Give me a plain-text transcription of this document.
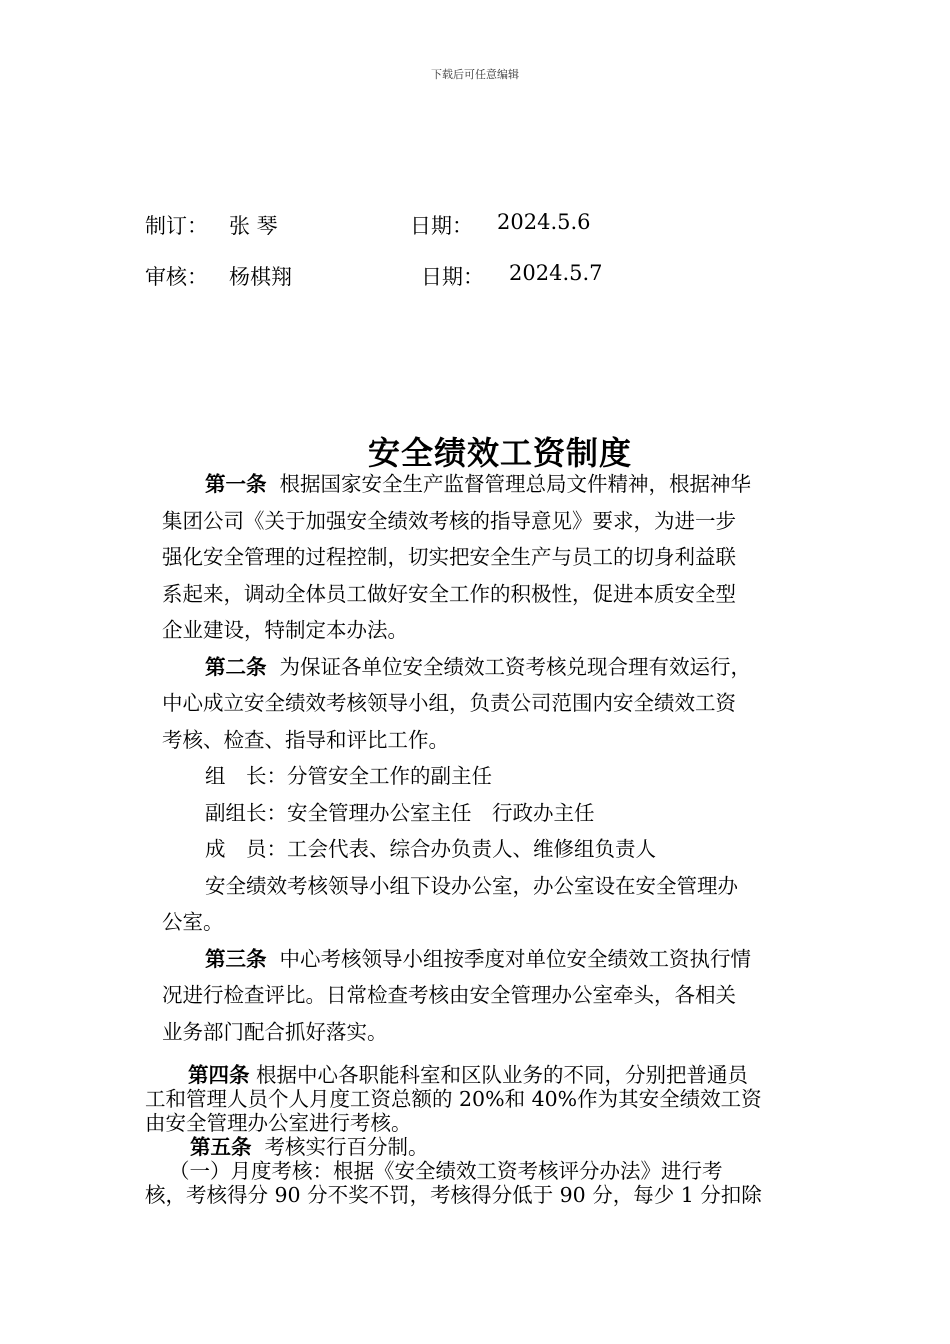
下载后可任意编辑
制订： 张 琴	日期： 2024.5.6
审核： 杨棋翔	日期： 2024.5.7
安全绩效工资制度
第一条 根据国家安全生产监督管理总局文件精神，根据神华
集团公司《关于加强安全绩效考核的指导意见》要求，为进一步
强化安全管理的过程控制，切实把安全生产与员工的切身利益联
系起来，调动全体员工做好安全工作的积极性，促进本质安全型
企业建设，特制定本办法。
第二条 为保证各单位安全绩效工资考核兑现合理有效运行，
中心成立安全绩效考核领导小组，负责公司范围内安全绩效工资
考核、检查、指导和评比工作。
组　长：分管安全工作的副主任
副组长：安全管理办公室主任　行政办主任
成　员：工会代表、综合办负责人、维修组负责人
安全绩效考核领导小组下设办公室，办公室设在安全管理办
公室。
第三条 中心考核领导小组按季度对单位安全绩效工资执行情
况进行检查评比。日常检查考核由安全管理办公室牵头，各相关
业务部门配合抓好落实。
第四条 根据中心各职能科室和区队业务的不同，分别把普通员
工和管理人员个人月度工资总额的 20%和 40%作为其安全绩效工资
由安全管理办公室进行考核。
第五条 考核实行百分制。
（一）月度考核：根据《安全绩效工资考核评分办法》进行考
核，考核得分 90 分不奖不罚，考核得分低于 90 分，每少 1 分扣除
